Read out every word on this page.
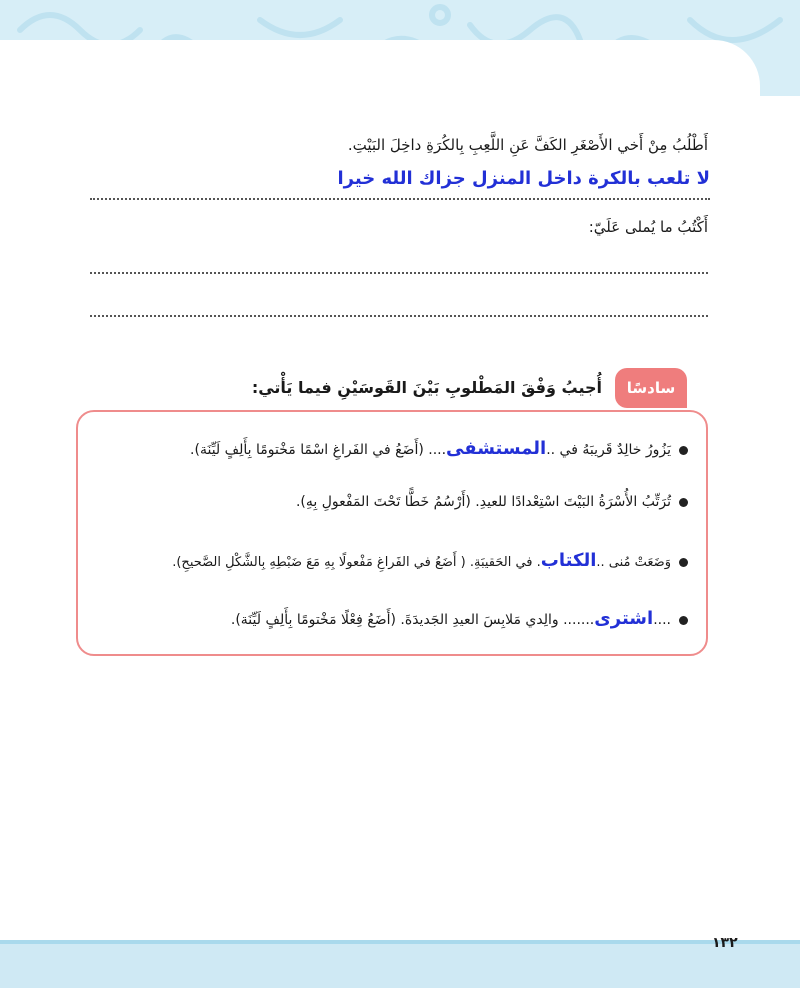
أَطْلُبُ مِنْ أَخي الأَصْغَرِ الكَفَّ عَنِ اللَّعِبِ بِالكُرَةِ داخِلَ البَيْتِ.
لا تلعب بالكرة داخل المنزل جزاك الله خيرا
أَكْتُبُ ما يُملى عَلَيّ:
سادسًا
أُجيبُ وَفْقَ المَطْلوبِ بَيْنَ القَوسَيْنِ فيما يَأْتي:
يَزُورُ خالِدٌ قَريبَهُ في ..المستشفى.... (أَضَعُ في الفَراغِ اسْمًا مَخْتومًا بِأَلِفٍ لَيِّنَة).
تُرَتِّبُ الأُسْرَةُ البَيْتَ اسْتِعْدادًا للعيدِ. (أَرْسُمُ خَطًّا تَحْتَ المَفْعولِ بِهِ).
وَضَعَتْ مُنى ..الكتاب. في الحَقيبَةِ. ( أَضَعُ في الفَراغِ مَفْعولًا بِهِ مَعَ ضَبْطِهِ بِالشَّكْلِ الصَّحيحِ).
....اشترى....... والِدي مَلابِسَ العيدِ الجَديدَةَ. (أَضَعُ فِعْلًا مَخْتومًا بِأَلِفٍ لَيِّنَة).
١٣٢
